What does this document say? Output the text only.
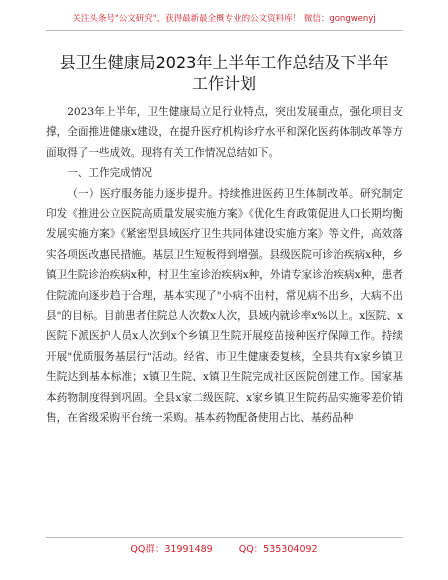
关注头条号"公文研究"，获得最新最全概专业的公文资料库！ 微信：gongwenyj
县卫生健康局2023年上半年工作总结及下半年
工作计划

2023年上半年，卫生健康局立足行业特点，突出发展重点，强化项目支撑，全面推进健康x建设，在提升医疗机构诊疗水平和深化医药体制改革等方面取得了一些成效。现将有关工作情况总结如下。

一、工作完成情况

（一）医疗服务能力逐步提升。持续推进医药卫生体制改革。研究制定印发《推进公立医院高质量发展实施方案》《优化生育政策促进人口长期均衡发展实施方案》《紧密型县域医疗卫生共同体建设实施方案》等文件，高效落实各项医改惠民措施。基层卫生短板得到增强。县级医院可诊治疾病x种，乡镇卫生院诊治疾病x种，村卫生室诊治疾病x种，外请专家诊治疾病x种，患者住院流向逐步趋于合理，基本实现了"小病不出村，常见病不出乡，大病不出县"的目标。目前患者住院总人次数x人次，县域内就诊率x%以上。x医院、x医院下派医护人员x人次到x个乡镇卫生院开展疫苗接种医疗保障工作。持续开展"优质服务基层行"活动。经省、市卫生健康委复核，全县共有x家乡镇卫生院达到基本标准；x镇卫生院、x镇卫生院完成社区医院创建工作。国家基本药物制度得到巩固。全县x家二级医院、x家乡镇卫生院药品实施零差价销售，在省级采购平台统一采购。基本药物配备使用占比、基药品种

QQ群：31991489	QQ：535304092
